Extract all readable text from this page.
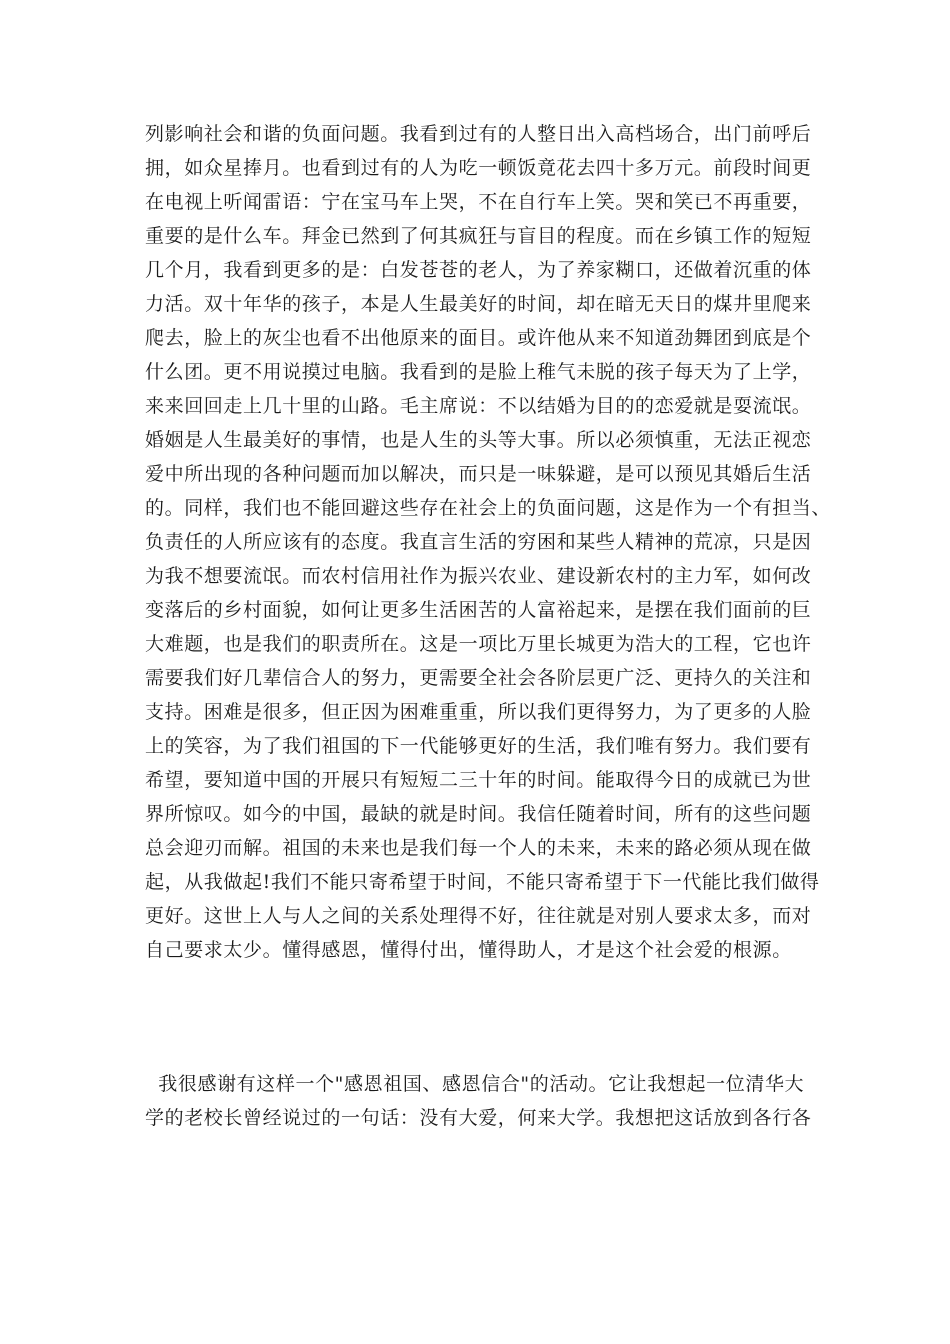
列影响社会和谐的负面问题。我看到过有的人整日出入高档场合，出门前呼后

拥，如众星捧月。也看到过有的人为吃一顿饭竟花去四十多万元。前段时间更

在电视上听闻雷语：宁在宝马车上哭，不在自行车上笑。哭和笑已不再重要，

重要的是什么车。拜金已然到了何其疯狂与盲目的程度。而在乡镇工作的短短

几个月，我看到更多的是：白发苍苍的老人，为了养家糊口，还做着沉重的体

力活。双十年华的孩子，本是人生最美好的时间，却在暗无天日的煤井里爬来

爬去，脸上的灰尘也看不出他原来的面目。或许他从来不知道劲舞团到底是个

什么团。更不用说摸过电脑。我看到的是脸上稚气未脱的孩子每天为了上学，

来来回回走上几十里的山路。毛主席说：不以结婚为目的的恋爱就是耍流氓。

婚姻是人生最美好的事情，也是人生的头等大事。所以必须慎重，无法正视恋

爱中所出现的各种问题而加以解决，而只是一味躲避，是可以预见其婚后生活

的。同样，我们也不能回避这些存在社会上的负面问题，这是作为一个有担当、

负责任的人所应该有的态度。我直言生活的穷困和某些人精神的荒凉，只是因

为我不想要流氓。而农村信用社作为振兴农业、建设新农村的主力军，如何改

变落后的乡村面貌，如何让更多生活困苦的人富裕起来，是摆在我们面前的巨

大难题，也是我们的职责所在。这是一项比万里长城更为浩大的工程，它也许

需要我们好几辈信合人的努力，更需要全社会各阶层更广泛、更持久的关注和

支持。困难是很多，但正因为困难重重，所以我们更得努力，为了更多的人脸

上的笑容，为了我们祖国的下一代能够更好的生活，我们唯有努力。我们要有

希望，要知道中国的开展只有短短二三十年的时间。能取得今日的成就已为世

界所惊叹。如今的中国，最缺的就是时间。我信任随着时间，所有的这些问题

总会迎刃而解。祖国的未来也是我们每一个人的未来，未来的路必须从现在做

起，从我做起!我们不能只寄希望于时间，不能只寄希望于下一代能比我们做得

更好。这世上人与人之间的关系处理得不好，往往就是对别人要求太多，而对

自己要求太少。懂得感恩，懂得付出，懂得助人，才是这个社会爱的根源。

我很感谢有这样一个"感恩祖国、感恩信合"的活动。它让我想起一位清华大

学的老校长曾经说过的一句话：没有大爱，何来大学。我想把这话放到各行各
